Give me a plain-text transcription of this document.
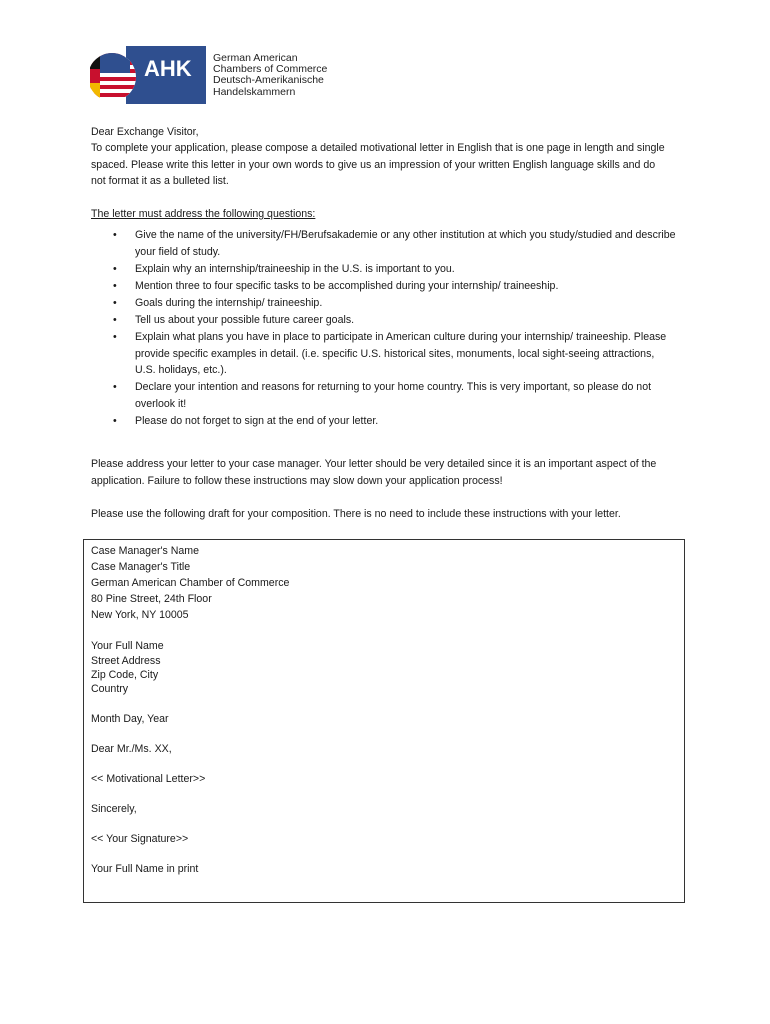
AHK German American
Chambers of Commerce
Deutsch-Amerikanische
Handelskammern
Dear Exchange Visitor,
To complete your application, please compose a detailed motivational letter in English that is one page in length and single spaced. Please write this letter in your own words to give us an impression of your written English language skills and do not format it as a bulleted list.
The letter must address the following questions:
• Give the name of the university/FH/Berufsakademie or any other institution at which you study/studied and describe your field of study.
• Explain why an internship/traineeship in the U.S. is important to you.
• Mention three to four specific tasks to be accomplished during your internship/ traineeship.
• Goals during the internship/ traineeship.
• Tell us about your possible future career goals.
• Explain what plans you have in place to participate in American culture during your internship/ traineeship. Please provide specific examples in detail. (i.e. specific U.S. historical sites, monuments, local sight-seeing attractions, U.S. holidays, etc.).
• Declare your intention and reasons for returning to your home country. This is very important, so please do not overlook it!
• Please do not forget to sign at the end of your letter.
Please address your letter to your case manager. Your letter should be very detailed since it is an important aspect of the application. Failure to follow these instructions may slow down your application process!
Please use the following draft for your composition. There is no need to include these instructions with your letter.
Case Manager's Name
Case Manager's Title
German American Chamber of Commerce
80 Pine Street, 24th Floor
New York, NY 10005
Your Full Name
Street Address
Zip Code, City
Country
Month Day, Year
Dear Mr./Ms. XX,
<< Motivational Letter>>
Sincerely,
<< Your Signature>>
Your Full Name in print
